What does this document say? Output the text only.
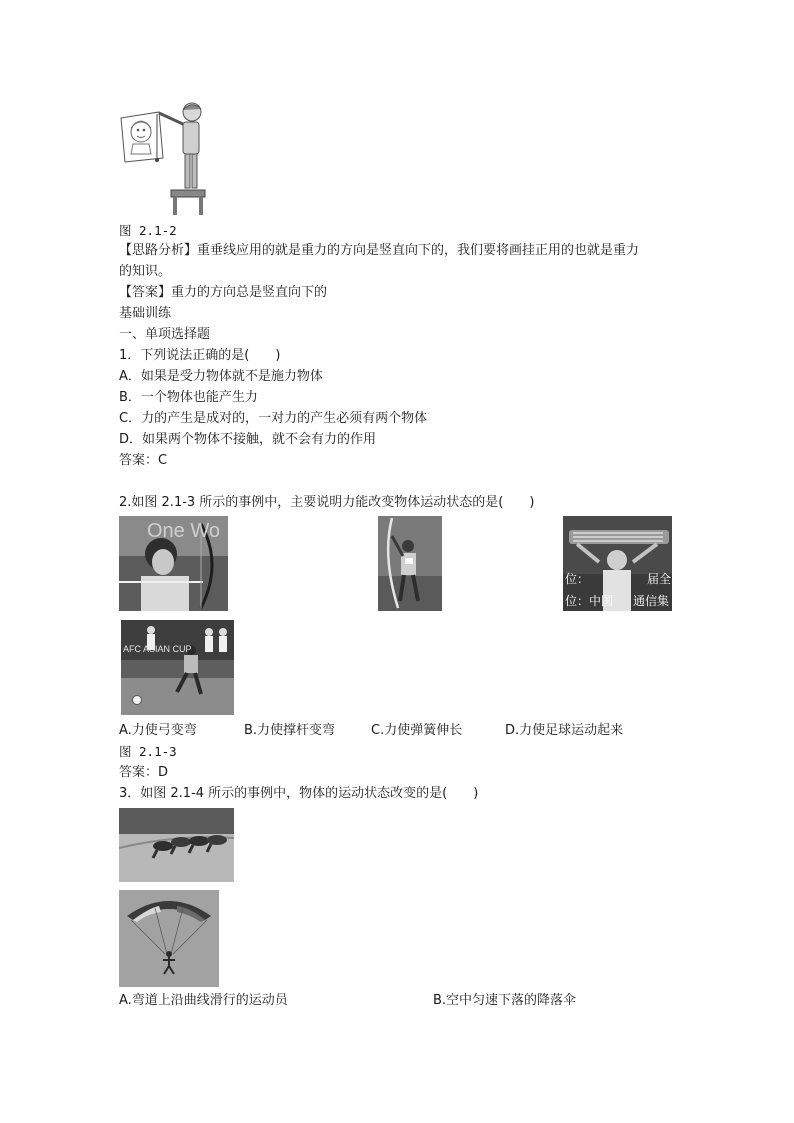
图 2.1-2
【思路分析】重垂线应用的就是重力的方向是竖直向下的，我们要将画挂正用的也就是重力
的知识。
【答案】重力的方向总是竖直向下的
基础训练
一、单项选择题
1．下列说法正确的是(　　)
A．如果是受力物体就不是施力物体
B．一个物体也能产生力
C．力的产生是成对的，一对力的产生必须有两个物体
D．如果两个物体不接触，就不会有力的作用
答案：C
2.如图 2.1-3 所示的事例中，主要说明力能改变物体运动状态的是(　　)
One Wo
位：	届全
位：中国 通信集
AFC ASIAN CUP
A.力使弓变弯	B.力使撑杆变弯	C.力使弹簧伸长	D.力使足球运动起来
图 2.1-3
答案：D
3．如图 2.1-4 所示的事例中，物体的运动状态改变的是(　　)
A.弯道上沿曲线滑行的运动员	B.空中匀速下落的降落伞
